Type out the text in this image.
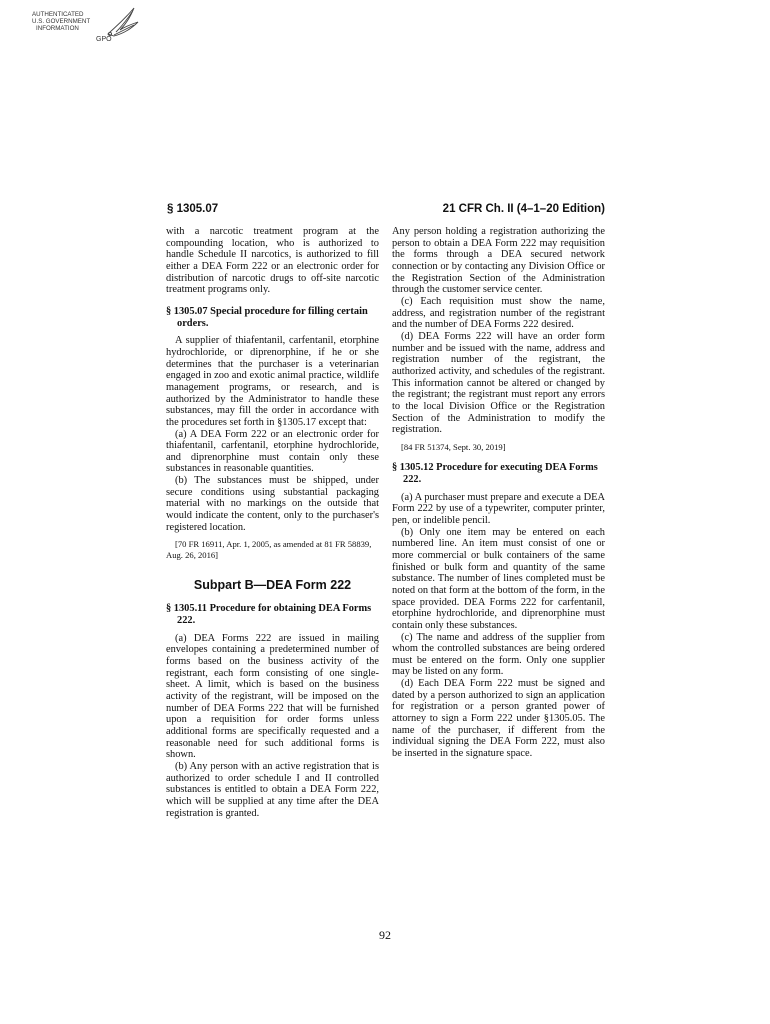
AUTHENTICATED
U.S. GOVERNMENT
INFORMATION
GPO
§ 1305.07	21 CFR Ch. II (4–1–20 Edition)

with a narcotic treatment program at the compounding location, who is authorized to handle Schedule II narcotics, is authorized to fill either a DEA Form 222 or an electronic order for distribution of narcotic drugs to off-site narcotic treatment programs only.

§ 1305.07 Special procedure for filling certain orders.

A supplier of thiafentanil, carfentanil, etorphine hydrochloride, or diprenorphine, if he or she determines that the purchaser is a veterinarian engaged in zoo and exotic animal practice, wildlife management programs, or research, and is authorized by the Administrator to handle these substances, may fill the order in accordance with the procedures set forth in §1305.17 except that:

(a) A DEA Form 222 or an electronic order for thiafentanil, carfentanil, etorphine hydrochloride, and diprenorphine must contain only these substances in reasonable quantities.

(b) The substances must be shipped, under secure conditions using substantial packaging material with no markings on the outside that would indicate the content, only to the purchaser's registered location.

[70 FR 16911, Apr. 1, 2005, as amended at 81 FR 58839, Aug. 26, 2016]

Subpart B—DEA Form 222
§ 1305.11 Procedure for obtaining DEA Forms 222.

(a) DEA Forms 222 are issued in mailing envelopes containing a predetermined number of forms based on the business activity of the registrant, each form consisting of one single-sheet. A limit, which is based on the business activity of the registrant, will be imposed on the number of DEA Forms 222 that will be furnished upon a requisition for order forms unless additional forms are specifically requested and a reasonable need for such additional forms is shown.

(b) Any person with an active registration that is authorized to order schedule I and II controlled substances is entitled to obtain a DEA Form 222, which will be supplied at any time after the DEA registration is granted.

Any person holding a registration authorizing the person to obtain a DEA Form 222 may requisition the forms through a DEA secured network connection or by contacting any Division Office or the Registration Section of the Administration through the customer service center.

(c) Each requisition must show the name, address, and registration number of the registrant and the number of DEA Forms 222 desired.

(d) DEA Forms 222 will have an order form number and be issued with the name, address and registration number of the registrant, the authorized activity, and schedules of the registrant. This information cannot be altered or changed by the registrant; the registrant must report any errors to the local Division Office or the Registration Section of the Administration to modify the registration.

[84 FR 51374, Sept. 30, 2019]

§ 1305.12 Procedure for executing DEA Forms 222.

(a) A purchaser must prepare and execute a DEA Form 222 by use of a typewriter, computer printer, pen, or indelible pencil.

(b) Only one item may be entered on each numbered line. An item must consist of one or more commercial or bulk containers of the same finished or bulk form and quantity of the same substance. The number of lines completed must be noted on that form at the bottom of the form, in the space provided. DEA Forms 222 for carfentanil, etorphine hydrochloride, and diprenorphine must contain only these substances.

(c) The name and address of the supplier from whom the controlled substances are being ordered must be entered on the form. Only one supplier may be listed on any form.

(d) Each DEA Form 222 must be signed and dated by a person authorized to sign an application for registration or a person granted power of attorney to sign a Form 222 under §1305.05. The name of the purchaser, if different from the individual signing the DEA Form 222, must also be inserted in the signature space.

92
